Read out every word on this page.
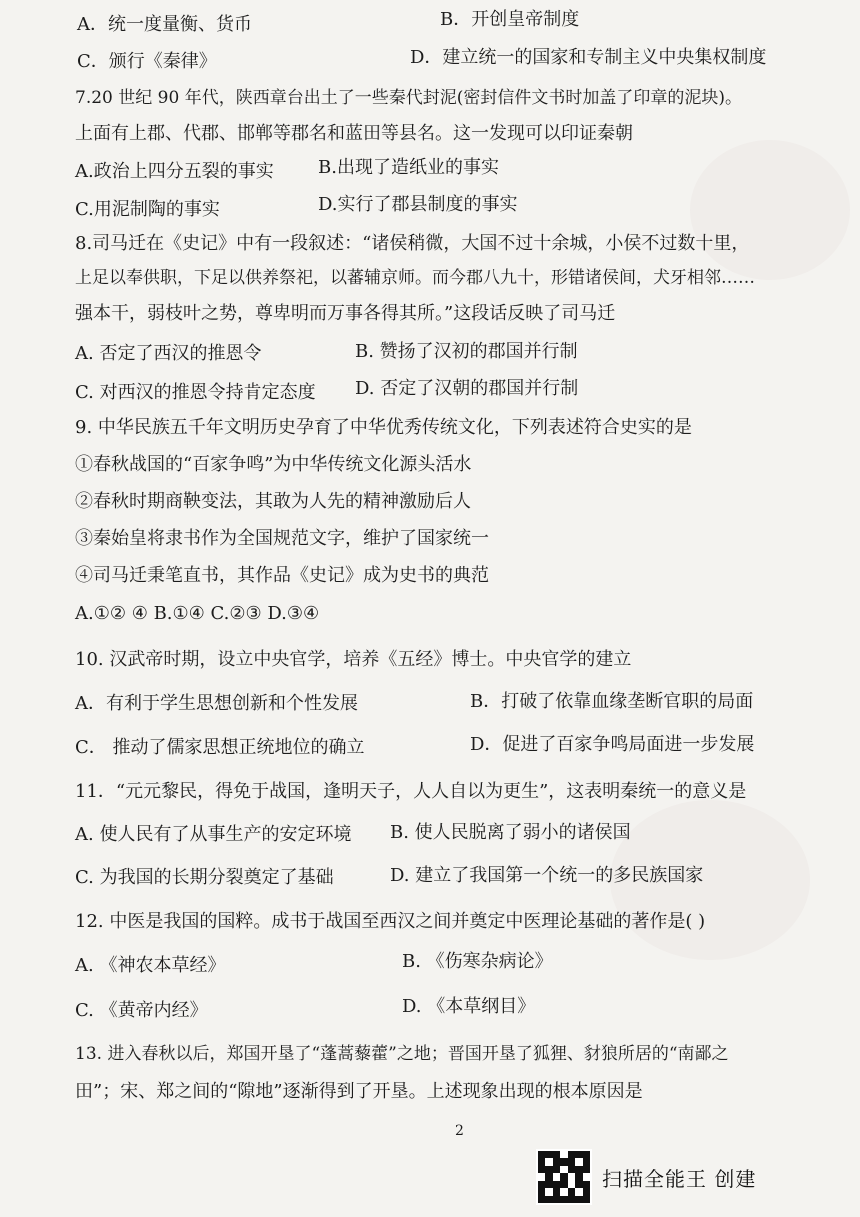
A．统一度量衡、货币	B．开创皇帝制度
C．颁行《秦律》	D．建立统一的国家和专制主义中央集权制度
7.20 世纪 90 年代，陕西章台出土了一些秦代封泥(密封信件文书时加盖了印章的泥块)。
上面有上郡、代郡、邯郸等郡名和蓝田等县名。这一发现可以印证秦朝
A.政治上四分五裂的事实 B.出现了造纸业的事实
C.用泥制陶的事实	D.实行了郡县制度的事实
8.司马迁在《史记》中有一段叙述：“诸侯稍微，大国不过十余城，小侯不过数十里，
上足以奉供职，下足以供养祭祀，以蕃辅京师。而今郡八九十，形错诸侯间，犬牙相邻……
强本干，弱枝叶之势，尊卑明而万事各得其所。”这段话反映了司马迁
A. 否定了西汉的推恩令	B. 赞扬了汉初的郡国并行制
C. 对西汉的推恩令持肯定态度 D. 否定了汉朝的郡国并行制
9. 中华民族五千年文明历史孕育了中华优秀传统文化，下列表述符合史实的是
①春秋战国的“百家争鸣”为中华传统文化源头活水
②春秋时期商鞅变法，其敢为人先的精神激励后人
③秦始皇将隶书作为全国规范文字，维护了国家统一
④司马迁秉笔直书，其作品《史记》成为史书的典范
A.①② ④ B.①④ C.②③ D.③④
10. 汉武帝时期，设立中央官学，培养《五经》博士。中央官学的建立
A．有利于学生思想创新和个性发展	B．打破了依靠血缘垄断官职的局面
C． 推动了儒家思想正统地位的确立	D．促进了百家争鸣局面进一步发展
11．“元元黎民，得免于战国，逢明天子，人人自以为更生”，这表明秦统一的意义是
A. 使人民有了从事生产的安定环境 B. 使人民脱离了弱小的诸侯国
C. 为我国的长期分裂奠定了基础	D. 建立了我国第一个统一的多民族国家
12. 中医是我国的国粹。成书于战国至西汉之间并奠定中医理论基础的著作是( )
A. 《神农本草经》	B. 《伤寒杂病论》
C. 《黄帝内经》	D. 《本草纲目》
13. 进入春秋以后，郑国开垦了“蓬蒿藜藿”之地；晋国开垦了狐狸、豺狼所居的“南鄙之
田”；宋、郑之间的“隙地”逐渐得到了开垦。上述现象出现的根本原因是
2
扫描全能王 创建
